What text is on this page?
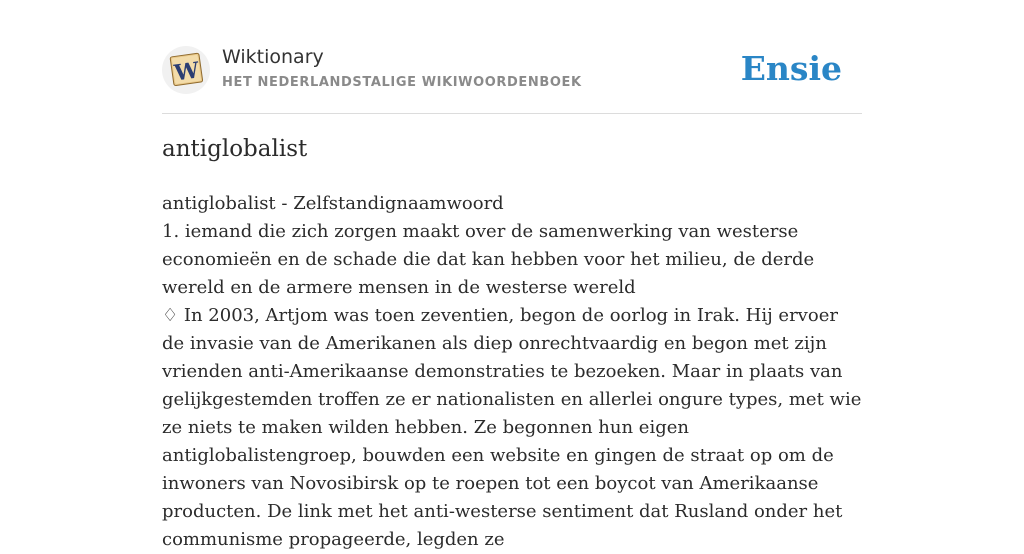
W
Wiktionary
HET NEDERLANDSTALIGE WIKIWOORDENBOEK	Ensie
antiglobalist

antiglobalist - Zelfstandignaamwoord

1. iemand die zich zorgen maakt over de samenwerking van westerse economieën en de schade die dat kan hebben voor het milieu, de derde wereld en de armere mensen in de westerse wereld

♢ In 2003, Artjom was toen zeventien, begon de oorlog in Irak. Hij ervoer de invasie van de Amerikanen als diep onrechtvaardig en begon met zijn vrienden anti-Amerikaanse demonstraties te bezoeken. Maar in plaats van gelijkgestemden troffen ze er nationalisten en allerlei ongure types, met wie ze niets te maken wilden hebben. Ze begonnen hun eigen antiglobalistengroep, bouwden een website en gingen de straat op om de inwoners van Novosibirsk op te roepen tot een boycot van Amerikaanse producten. De link met het anti-westerse sentiment dat Rusland onder het communisme propageerde, legden ze
